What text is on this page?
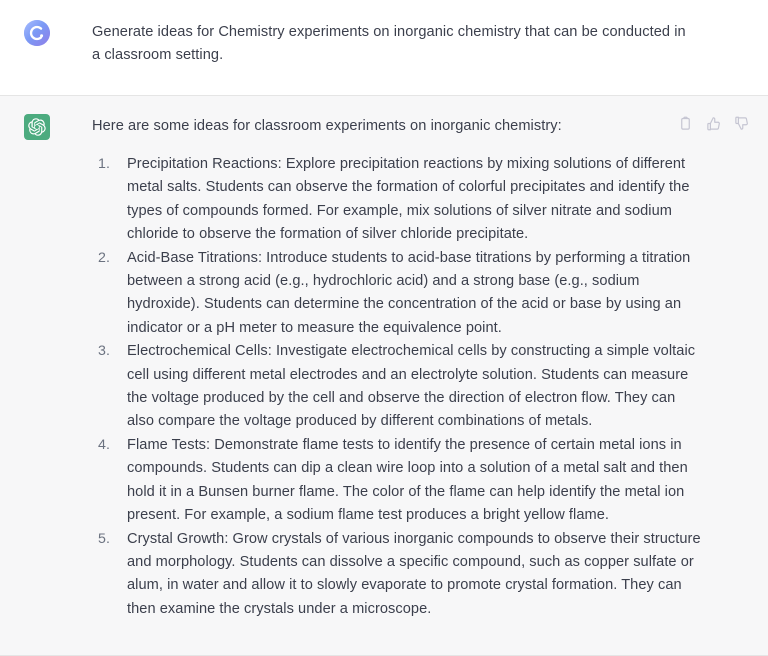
Generate ideas for Chemistry experiments on inorganic chemistry that can be conducted in a classroom setting.
Here are some ideas for classroom experiments on inorganic chemistry:
Precipitation Reactions: Explore precipitation reactions by mixing solutions of different metal salts. Students can observe the formation of colorful precipitates and identify the types of compounds formed. For example, mix solutions of silver nitrate and sodium chloride to observe the formation of silver chloride precipitate.
Acid-Base Titrations: Introduce students to acid-base titrations by performing a titration between a strong acid (e.g., hydrochloric acid) and a strong base (e.g., sodium hydroxide). Students can determine the concentration of the acid or base by using an indicator or a pH meter to measure the equivalence point.
Electrochemical Cells: Investigate electrochemical cells by constructing a simple voltaic cell using different metal electrodes and an electrolyte solution. Students can measure the voltage produced by the cell and observe the direction of electron flow. They can also compare the voltage produced by different combinations of metals.
Flame Tests: Demonstrate flame tests to identify the presence of certain metal ions in compounds. Students can dip a clean wire loop into a solution of a metal salt and then hold it in a Bunsen burner flame. The color of the flame can help identify the metal ion present. For example, a sodium flame test produces a bright yellow flame.
Crystal Growth: Grow crystals of various inorganic compounds to observe their structure and morphology. Students can dissolve a specific compound, such as copper sulfate or alum, in water and allow it to slowly evaporate to promote crystal formation. They can then examine the crystals under a microscope.
